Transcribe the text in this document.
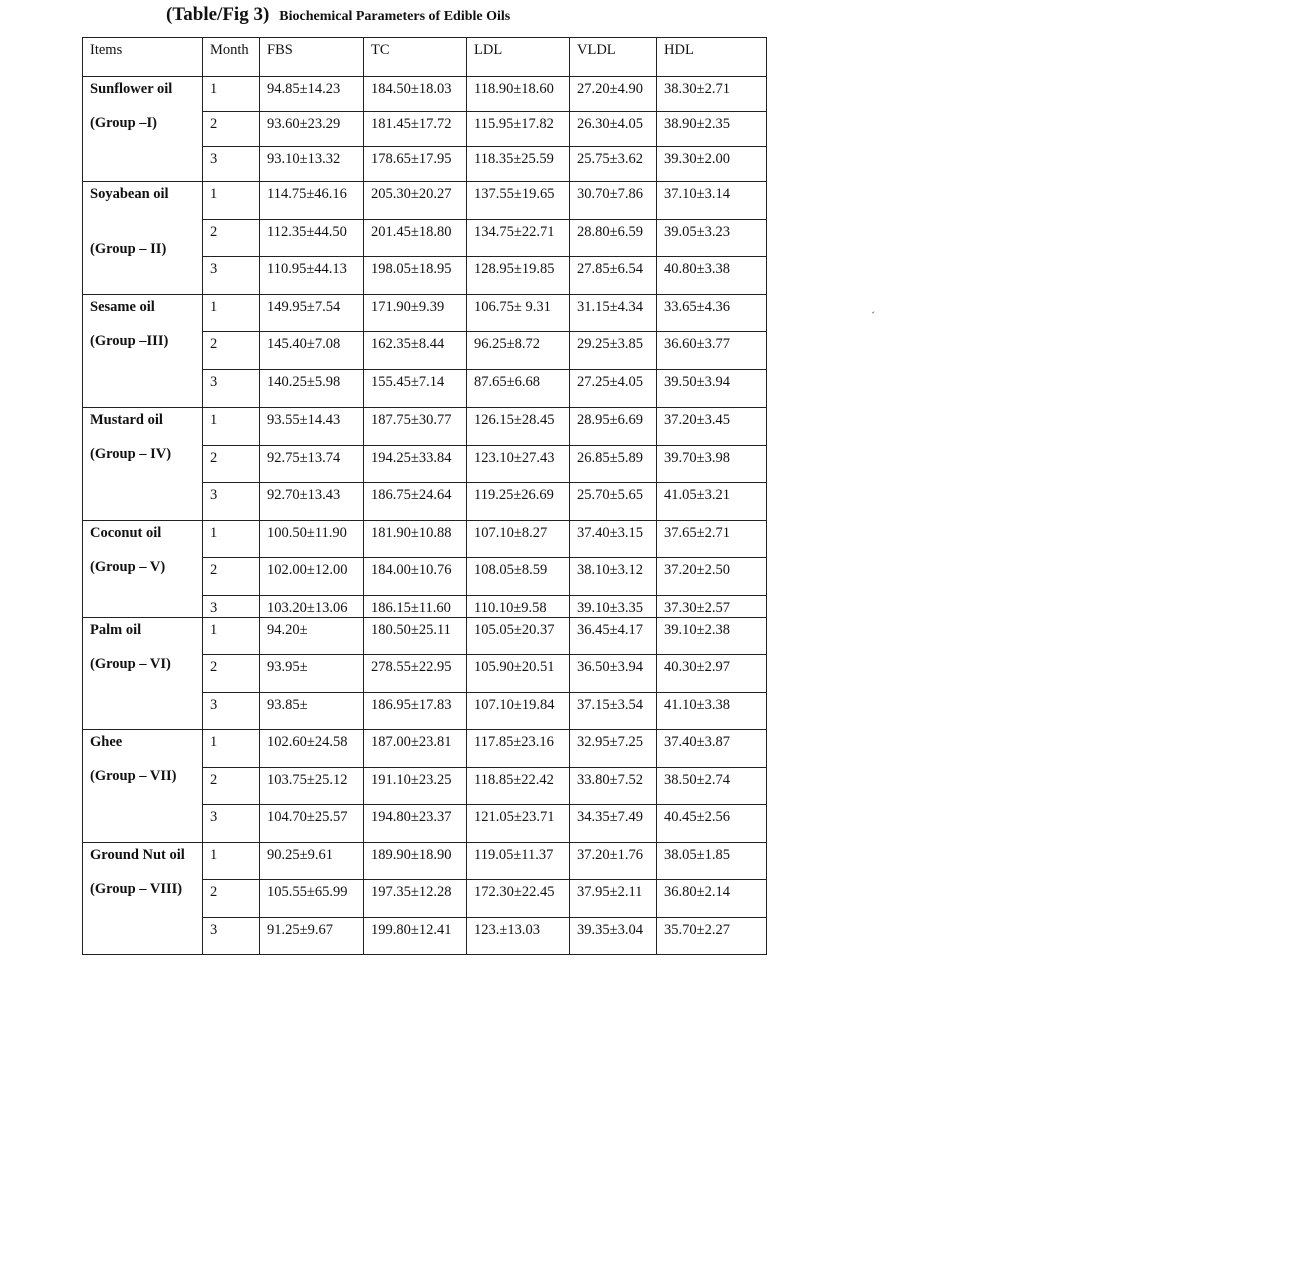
(Table/Fig 3) Biochemical Parameters of Edible Oils
´
Items	Month	FBS	TC	LDL	VLDL	HDL

Sunflower oil
(Group –I)	1	94.85±14.23	184.50±18.03	118.90±18.60	27.20±4.90	38.30±2.71
	2	93.60±23.29	181.45±17.72	115.95±17.82	26.30±4.05	38.90±2.35
	3	93.10±13.32	178.65±17.95	118.35±25.59	25.75±3.62	39.30±2.00

Soyabean oil
(Group – II)	1	114.75±46.16	205.30±20.27	137.55±19.65	30.70±7.86	37.10±3.14
	2	112.35±44.50	201.45±18.80	134.75±22.71	28.80±6.59	39.05±3.23
	3	110.95±44.13	198.05±18.95	128.95±19.85	27.85±6.54	40.80±3.38

Sesame oil
(Group –III)	1	149.95±7.54	171.90±9.39	106.75± 9.31	31.15±4.34	33.65±4.36
	2	145.40±7.08	162.35±8.44	96.25±8.72	29.25±3.85	36.60±3.77
	3	140.25±5.98	155.45±7.14	87.65±6.68	27.25±4.05	39.50±3.94

Mustard oil
(Group – IV)	1	93.55±14.43	187.75±30.77	126.15±28.45	28.95±6.69	37.20±3.45
	2	92.75±13.74	194.25±33.84	123.10±27.43	26.85±5.89	39.70±3.98
	3	92.70±13.43	186.75±24.64	119.25±26.69	25.70±5.65	41.05±3.21

Coconut oil
(Group – V)	1	100.50±11.90	181.90±10.88	107.10±8.27	37.40±3.15	37.65±2.71
	2	102.00±12.00	184.00±10.76	108.05±8.59	38.10±3.12	37.20±2.50
	3	103.20±13.06	186.15±11.60	110.10±9.58	39.10±3.35	37.30±2.57

Palm oil
(Group – VI)	1	94.20±	180.50±25.11	105.05±20.37	36.45±4.17	39.10±2.38
	2	93.95±	278.55±22.95	105.90±20.51	36.50±3.94	40.30±2.97
	3	93.85±	186.95±17.83	107.10±19.84	37.15±3.54	41.10±3.38

Ghee
(Group – VII)	1	102.60±24.58	187.00±23.81	117.85±23.16	32.95±7.25	37.40±3.87
	2	103.75±25.12	191.10±23.25	118.85±22.42	33.80±7.52	38.50±2.74
	3	104.70±25.57	194.80±23.37	121.05±23.71	34.35±7.49	40.45±2.56

Ground Nut oil
(Group – VIII)	1	90.25±9.61	189.90±18.90	119.05±11.37	37.20±1.76	38.05±1.85
	2	105.55±65.99	197.35±12.28	172.30±22.45	37.95±2.11	36.80±2.14
	3	91.25±9.67	199.80±12.41	123.±13.03	39.35±3.04	35.70±2.27
